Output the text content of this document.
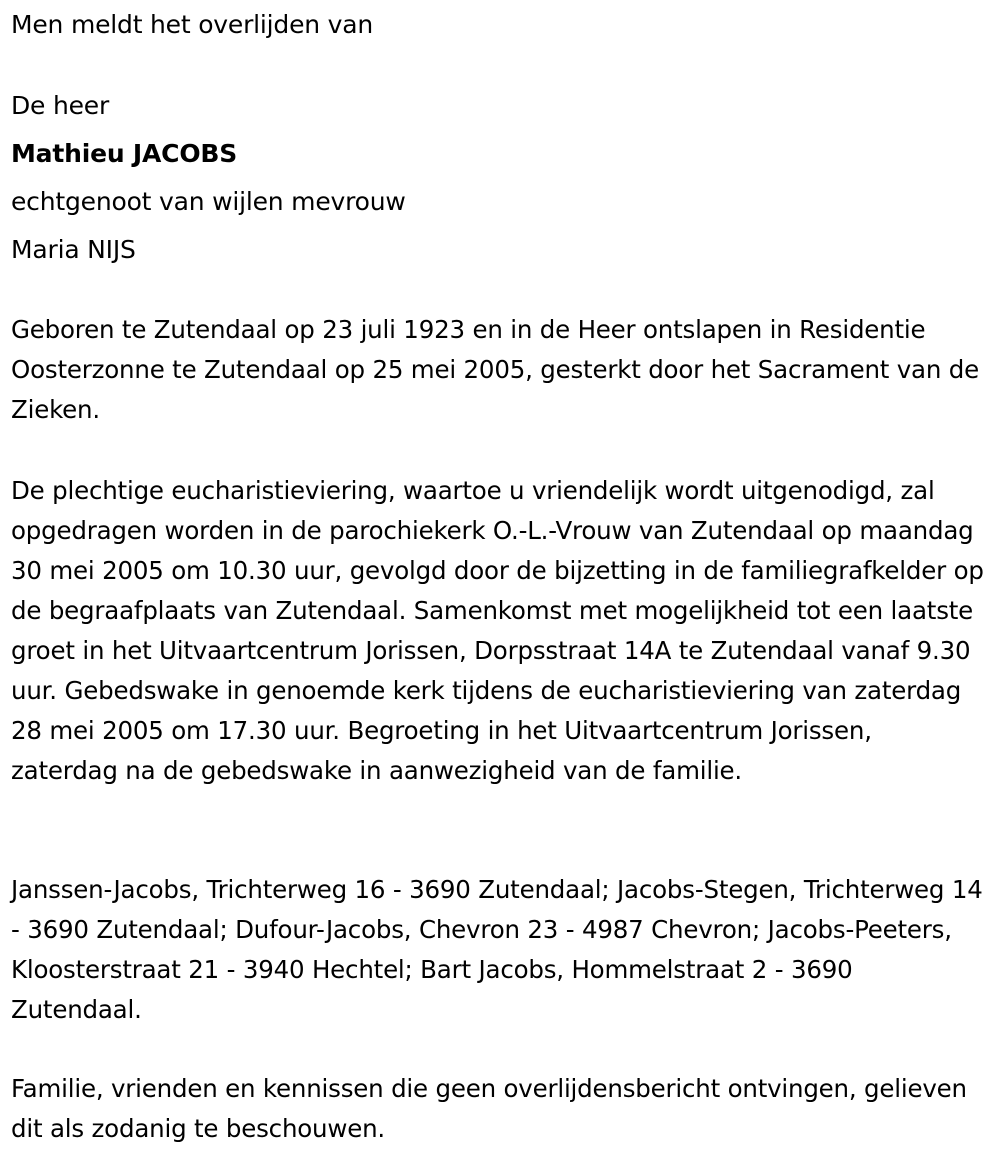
Men meldt het overlijden van
De heer
Mathieu JACOBS
echtgenoot van wijlen mevrouw
Maria NIJS
Geboren te Zutendaal op 23 juli 1923 en in de Heer ontslapen in Residentie Oosterzonne te Zutendaal op 25 mei 2005, gesterkt door het Sacrament van de Zieken.
De plechtige eucharistieviering, waartoe u vriendelijk wordt uitgenodigd, zal opgedragen worden in de parochiekerk O.-L.-Vrouw van Zutendaal op maandag 30 mei 2005 om 10.30 uur, gevolgd door de bijzetting in de familiegrafkelder op de begraafplaats van Zutendaal. Samenkomst met mogelijkheid tot een laatste groet in het Uitvaartcentrum Jorissen, Dorpsstraat 14A te Zutendaal vanaf 9.30 uur. Gebedswake in genoemde kerk tijdens de eucharistieviering van zaterdag 28 mei 2005 om 17.30 uur. Begroeting in het Uitvaartcentrum Jorissen, zaterdag na de gebedswake in aanwezigheid van de familie.
Janssen-Jacobs, Trichterweg 16 - 3690 Zutendaal; Jacobs-Stegen, Trichterweg 14 - 3690 Zutendaal; Dufour-Jacobs, Chevron 23 - 4987 Chevron; Jacobs-Peeters, Kloosterstraat 21 - 3940 Hechtel; Bart Jacobs, Hommelstraat 2 - 3690 Zutendaal.
Familie, vrienden en kennissen die geen overlijdensbericht ontvingen, gelieven dit als zodanig te beschouwen.
